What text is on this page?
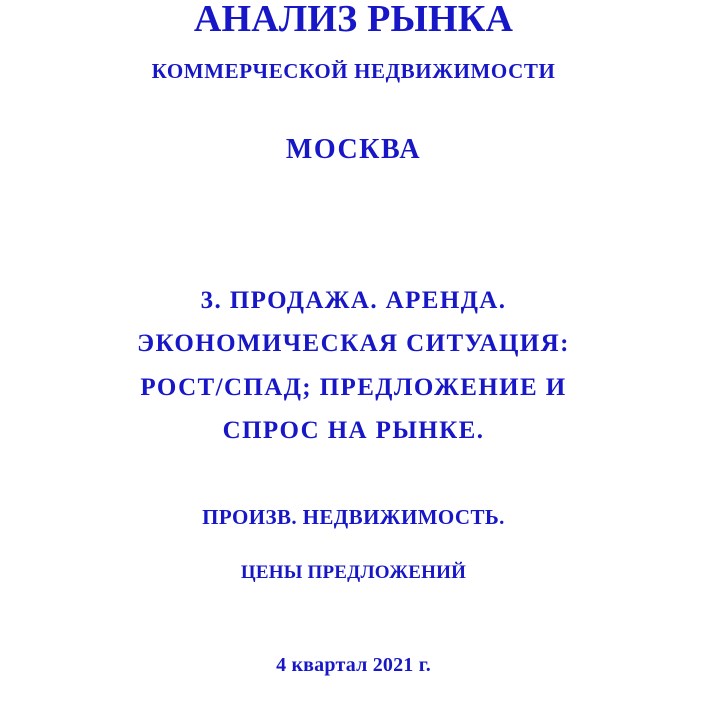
АНАЛИЗ РЫНКА
КОММЕРЧЕСКОЙ НЕДВИЖИМОСТИ
МОСКВА
3. ПРОДАЖА. АРЕНДА.
ЭКОНОМИЧЕСКАЯ СИТУАЦИЯ:
РОСТ/СПАД; ПРЕДЛОЖЕНИЕ И
СПРОС НА РЫНКЕ.
ПРОИЗВ. НЕДВИЖИМОСТЬ.
ЦЕНЫ ПРЕДЛОЖЕНИЙ
4 квартал 2021 г.
